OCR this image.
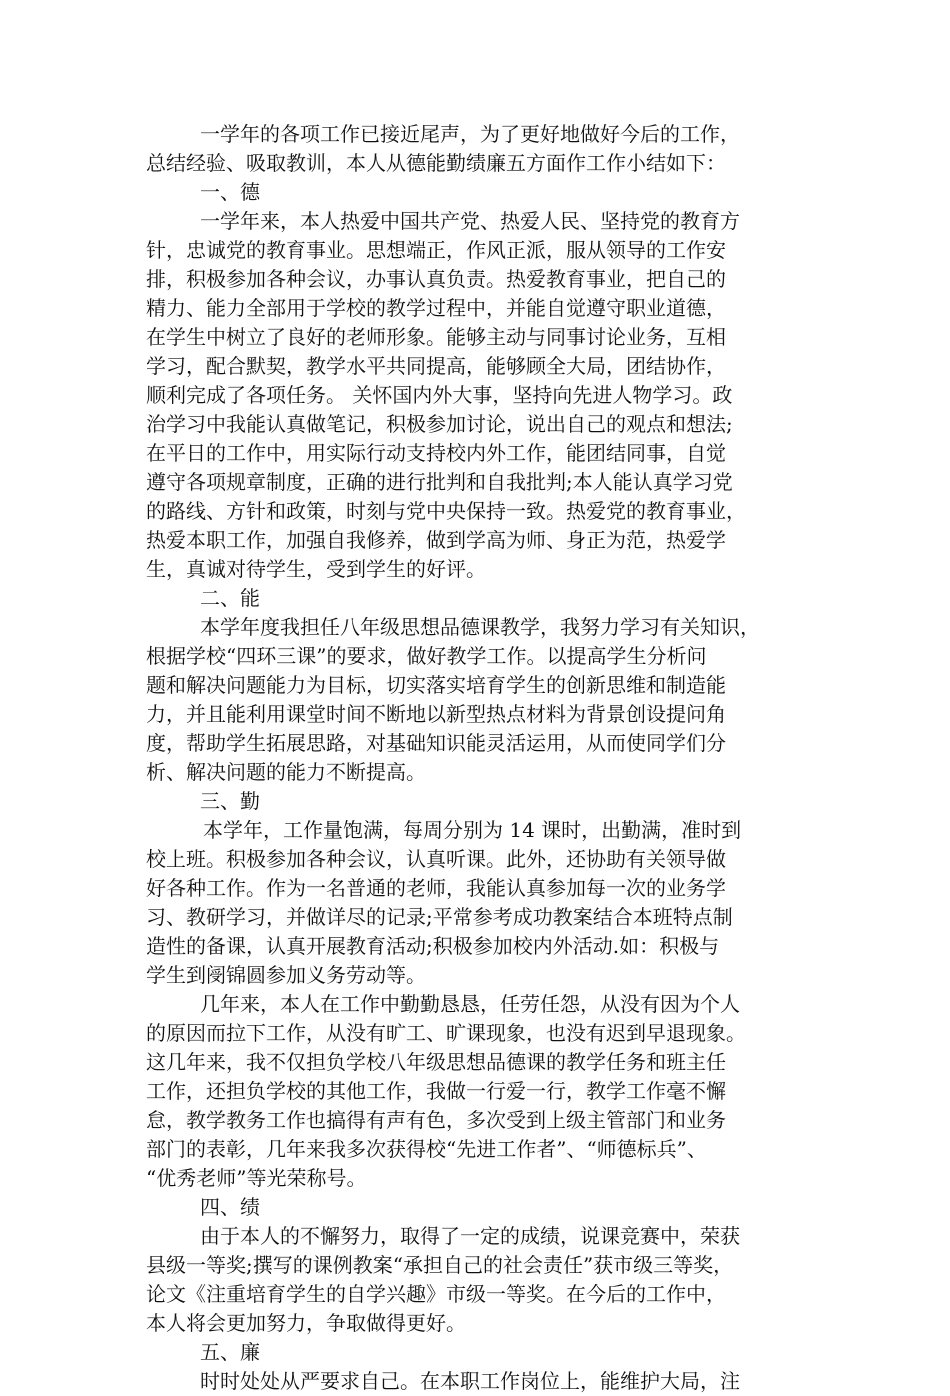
一学年的各项工作已接近尾声，为了更好地做好今后的工作，
总结经验、吸取教训，本人从德能勤绩廉五方面作工作小结如下：
一、德
一学年来，本人热爱中国共产党、热爱人民、坚持党的教育方
针，忠诚党的教育事业。思想端正，作风正派，服从领导的工作安
排，积极参加各种会议，办事认真负责。热爱教育事业，把自己的
精力、能力全部用于学校的教学过程中，并能自觉遵守职业道德，
在学生中树立了良好的老师形象。能够主动与同事讨论业务，互相
学习，配合默契，教学水平共同提高，能够顾全大局，团结协作，
顺利完成了各项任务。 关怀国内外大事，坚持向先进人物学习。政
治学习中我能认真做笔记，积极参加讨论，说出自己的观点和想法;
在平日的工作中，用实际行动支持校内外工作，能团结同事，自觉
遵守各项规章制度，正确的进行批判和自我批判;本人能认真学习党
的路线、方针和政策，时刻与党中央保持一致。热爱党的教育事业，
热爱本职工作，加强自我修养，做到学高为师、身正为范，热爱学
生，真诚对待学生，受到学生的好评。
二、能
本学年度我担任八年级思想品德课教学，我努力学习有关知识，
根据学校“四环三课”的要求，做好教学工作。以提高学生分析问
题和解决问题能力为目标，切实落实培育学生的创新思维和制造能
力，并且能利用课堂时间不断地以新型热点材料为背景创设提问角
度，帮助学生拓展思路，对基础知识能灵活运用，从而使同学们分
析、解决问题的能力不断提高。
三、勤
本学年，工作量饱满，每周分别为 14 课时，出勤满，准时到
校上班。积极参加各种会议，认真听课。此外，还协助有关领导做
好各种工作。作为一名普通的老师，我能认真参加每一次的业务学
习、教研学习，并做详尽的记录;平常参考成功教案结合本班特点制
造性的备课，认真开展教育活动;积极参加校内外活动.如：积极与
学生到阌锦圆参加义务劳动等。
几年来，本人在工作中勤勤恳恳，任劳任怨，从没有因为个人
的原因而拉下工作，从没有旷工、旷课现象，也没有迟到早退现象。
这几年来，我不仅担负学校八年级思想品德课的教学任务和班主任
工作，还担负学校的其他工作，我做一行爱一行，教学工作毫不懈
怠，教学教务工作也搞得有声有色，多次受到上级主管部门和业务
部门的表彰，几年来我多次获得校“先进工作者”、“师德标兵”、
“优秀老师”等光荣称号。
四、绩
由于本人的不懈努力，取得了一定的成绩，说课竞赛中，荣获
县级一等奖;撰写的课例教案“承担自己的社会责任”获市级三等奖，
论文《注重培育学生的自学兴趣》市级一等奖。在今后的工作中，
本人将会更加努力，争取做得更好。
五、廉
时时处处从严要求自己。在本职工作岗位上，能维护大局，注
